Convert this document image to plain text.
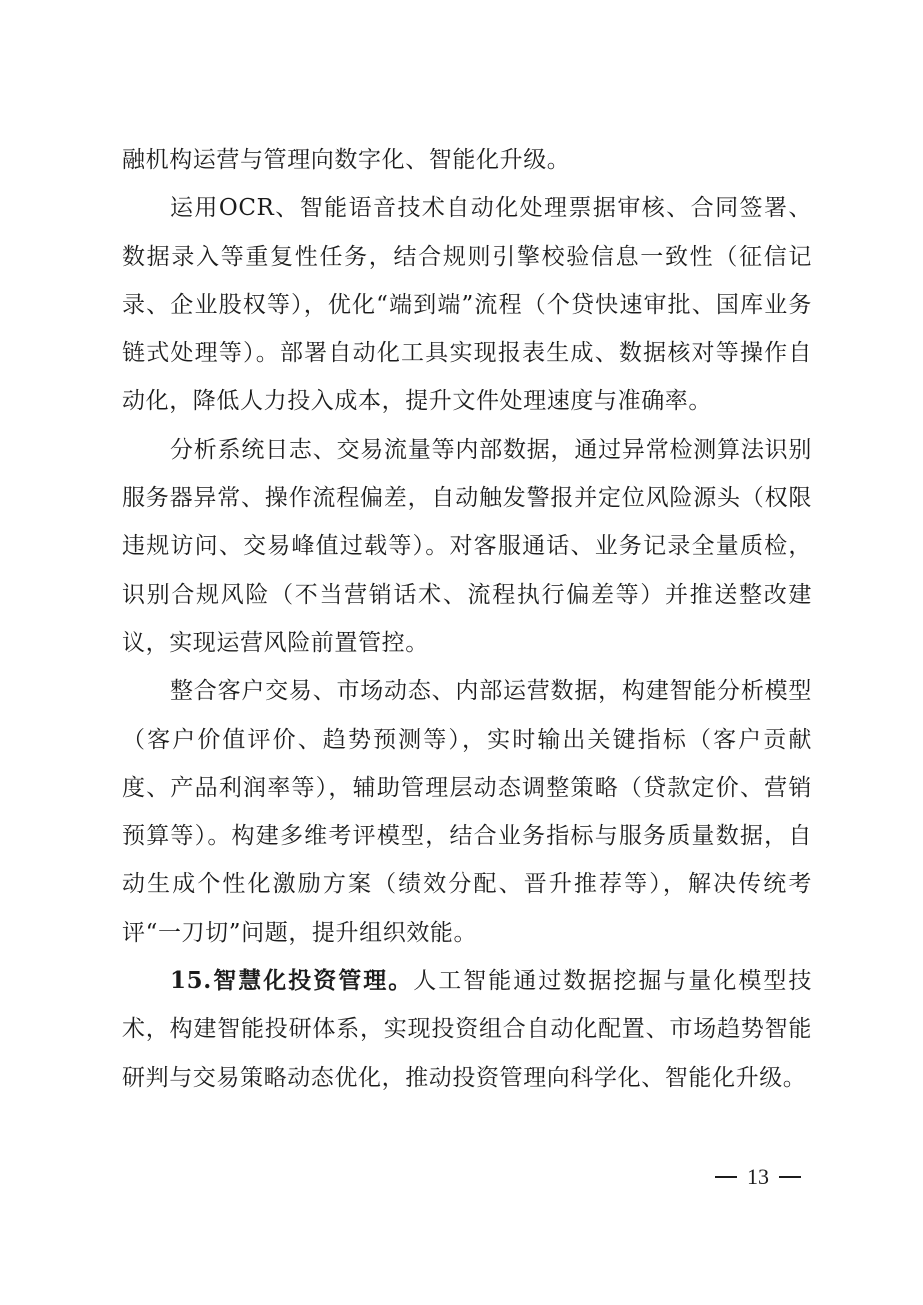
融机构运营与管理向数字化、智能化升级。

运用OCR、智能语音技术自动化处理票据审核、合同签署、数据录入等重复性任务，结合规则引擎校验信息一致性（征信记录、企业股权等），优化“端到端”流程（个贷快速审批、国库业务链式处理等）。部署自动化工具实现报表生成、数据核对等操作自动化，降低人力投入成本，提升文件处理速度与准确率。

分析系统日志、交易流量等内部数据，通过异常检测算法识别服务器异常、操作流程偏差，自动触发警报并定位风险源头（权限违规访问、交易峰值过载等）。对客服通话、业务记录全量质检，识别合规风险（不当营销话术、流程执行偏差等）并推送整改建议，实现运营风险前置管控。

整合客户交易、市场动态、内部运营数据，构建智能分析模型（客户价值评价、趋势预测等），实时输出关键指标（客户贡献度、产品利润率等），辅助管理层动态调整策略（贷款定价、营销预算等）。构建多维考评模型，结合业务指标与服务质量数据，自动生成个性化激励方案（绩效分配、晋升推荐等），解决传统考评“一刀切”问题，提升组织效能。

15.智慧化投资管理。人工智能通过数据挖掘与量化模型技术，构建智能投研体系，实现投资组合自动化配置、市场趋势智能研判与交易策略动态优化，推动投资管理向科学化、智能化升级。

13
